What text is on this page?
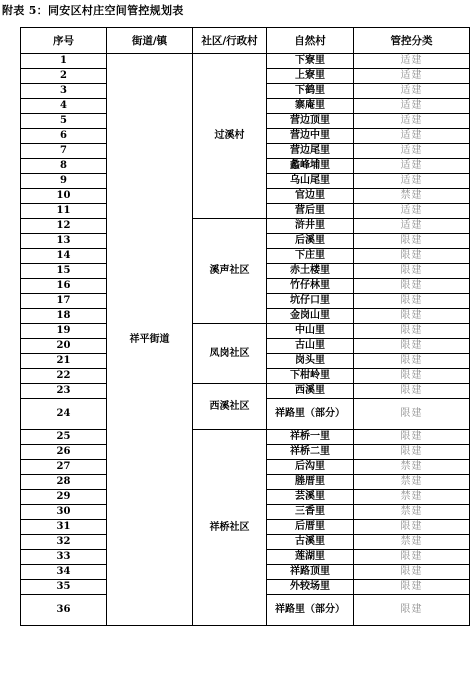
附表 5：同安区村庄空间管控规划表
序号	街道/镇	社区/行政村	自然村	管控分类
1	祥平街道	过溪村	下寮里	适建
2			上寮里	适建
3			下鹤里	适建
4			寨庵里	适建
5			营边顶里	适建
6			营边中里	适建
7			营边尾里	适建
8			蠡峰埔里	适建
9			乌山尾里	适建
10			官边里	禁建
11			营后里	适建
12		溪声社区	浒井里	适建
13			后溪里	限建
14			下庄里	限建
15			赤土楼里	限建
16			竹仔林里	限建
17			坑仔口里	限建
18			金岗山里	限建
19		凤岗社区	中山里	限建
20			古山里	限建
21			岗头里	限建
22			下柑岭里	限建
23		西溪社区	西溪里	限建
24			祥路里（部分）	限建
25		祥桥社区	祥桥一里	限建
26			祥桥二里	限建
27			后沟里	禁建
28			塍厝里	禁建
29			芸溪里	禁建
30			三香里	禁建
31			后厝里	限建
32			古溪里	禁建
33			莲湖里	限建
34			祥路顶里	限建
35			外较场里	限建
36			祥路里（部分）	限建
